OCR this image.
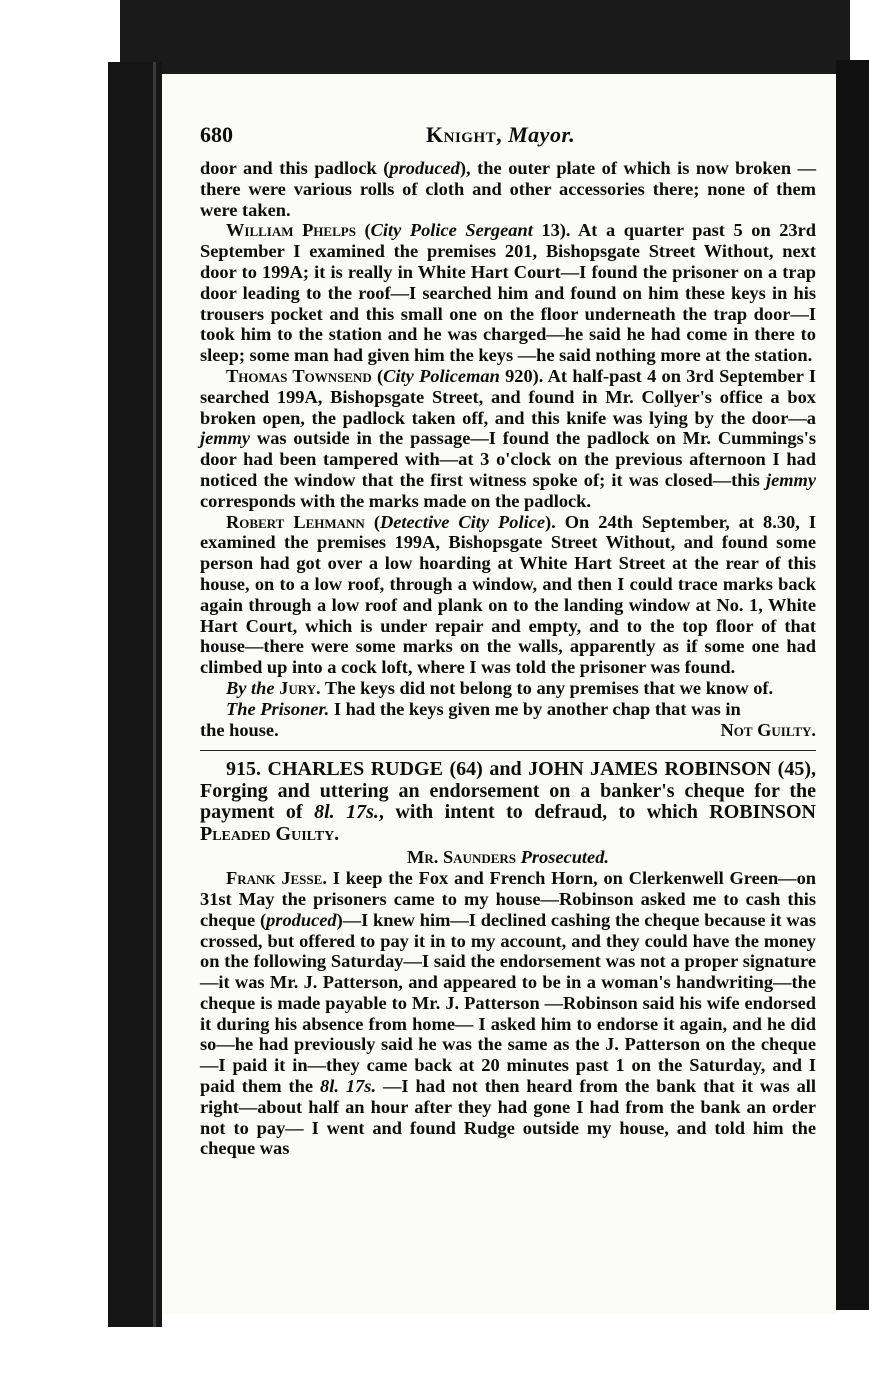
680	Knight, Mayor.

door and this padlock (produced), the outer plate of which is now broken —there were various rolls of cloth and other accessories there; none of them were taken.

William Phelps (City Police Sergeant 13). At a quarter past 5 on 23rd September I examined the premises 201, Bishopsgate Street Without, next door to 199A; it is really in White Hart Court—I found the prisoner on a trap door leading to the roof—I searched him and found on him these keys in his trousers pocket and this small one on the floor underneath the trap door—I took him to the station and he was charged—he said he had come in there to sleep; some man had given him the keys —he said nothing more at the station.

Thomas Townsend (City Policeman 920). At half-past 4 on 3rd September I searched 199A, Bishopsgate Street, and found in Mr. Collyer's office a box broken open, the padlock taken off, and this knife was lying by the door—a jemmy was outside in the passage—I found the padlock on Mr. Cummings's door had been tampered with—at 3 o'clock on the previous afternoon I had noticed the window that the first witness spoke of; it was closed—this jemmy corresponds with the marks made on the padlock.

Robert Lehmann (Detective City Police). On 24th September, at 8.30, I examined the premises 199A, Bishopsgate Street Without, and found some person had got over a low hoarding at White Hart Street at the rear of this house, on to a low roof, through a window, and then I could trace marks back again through a low roof and plank on to the landing window at No. 1, White Hart Court, which is under repair and empty, and to the top floor of that house—there were some marks on the walls, apparently as if some one had climbed up into a cock loft, where I was told the prisoner was found.

By the Jury. The keys did not belong to any premises that we know of.

The Prisoner. I had the keys given me by another chap that was in

the house.	Not Guilty.

915. CHARLES RUDGE (64) and JOHN JAMES ROBINSON (45), Forging and uttering an endorsement on a banker's cheque for the payment of 8l. 17s., with intent to defraud, to which ROBINSON Pleaded Guilty.

Mr. Saunders Prosecuted.

Frank Jesse. I keep the Fox and French Horn, on Clerkenwell Green—on 31st May the prisoners came to my house—Robinson asked me to cash this cheque (produced)—I knew him—I declined cashing the cheque because it was crossed, but offered to pay it in to my account, and they could have the money on the following Saturday—I said the endorsement was not a proper signature—it was Mr. J. Patterson, and appeared to be in a woman's handwriting—the cheque is made payable to Mr. J. Patterson —Robinson said his wife endorsed it during his absence from home— I asked him to endorse it again, and he did so—he had previously said he was the same as the J. Patterson on the cheque—I paid it in—they came back at 20 minutes past 1 on the Saturday, and I paid them the 8l. 17s. —I had not then heard from the bank that it was all right—about half an hour after they had gone I had from the bank an order not to pay— I went and found Rudge outside my house, and told him the cheque was
